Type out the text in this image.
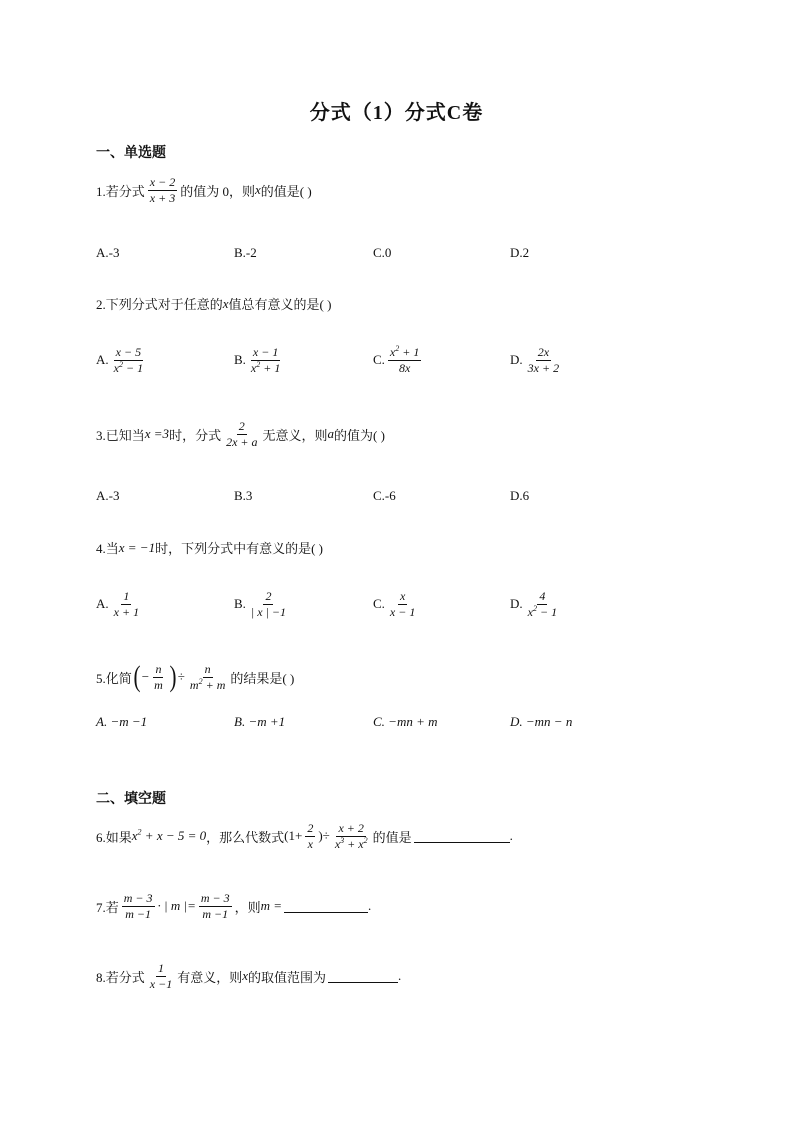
分式（1）分式C卷
一、单选题
1.若分式 $\frac{x - 2}{x + 3}$ 的值为 0，则 x 的值是( )
A.-3	B.-2	C.0	D.2
2.下列分式对于任意的 x 值总有意义的是( )
A. $\frac{x - 5}{x^2 - 1}$	B. $\frac{x - 1}{x^2 + 1}$	C. $\frac{x^2 + 1}{8x}$	D. $\frac{2x}{3x + 2}$
3.已知当 x =3 时，分式 $\frac{2}{2x + a}$ 无意义，则 a 的值为( )
A.-3	B.3	C.-6	D.6
4.当 x = −1 时，下列分式中有意义的是( )
A. $\frac{1}{x + 1}$	B. $\frac{2}{| x | -1}$	C. $\frac{x}{x - 1}$	D. $\frac{4}{x^2 - 1}$
5.化简 ( − $\frac{n}{m}$ ) ÷ $\frac{n}{m^2 + m}$ 的结果是( )
A. −m −1	B. −m +1	C. −mn + m	D. −mn − n
二、填空题
6.如果 $x^2 + x - 5 = 0$ ，那么代数式 ($1+ \frac{2}{x}$ ) ÷ $\frac{x + 2}{x^3 + x^2}$ 的值是	.
7.若 $\frac{m - 3}{m -1}$ · | m |= $\frac{m - 3}{m -1}$ ，则 m =	.
8.若分式 $\frac{1}{x -1}$ 有意义，则 x 的取值范围为	.
